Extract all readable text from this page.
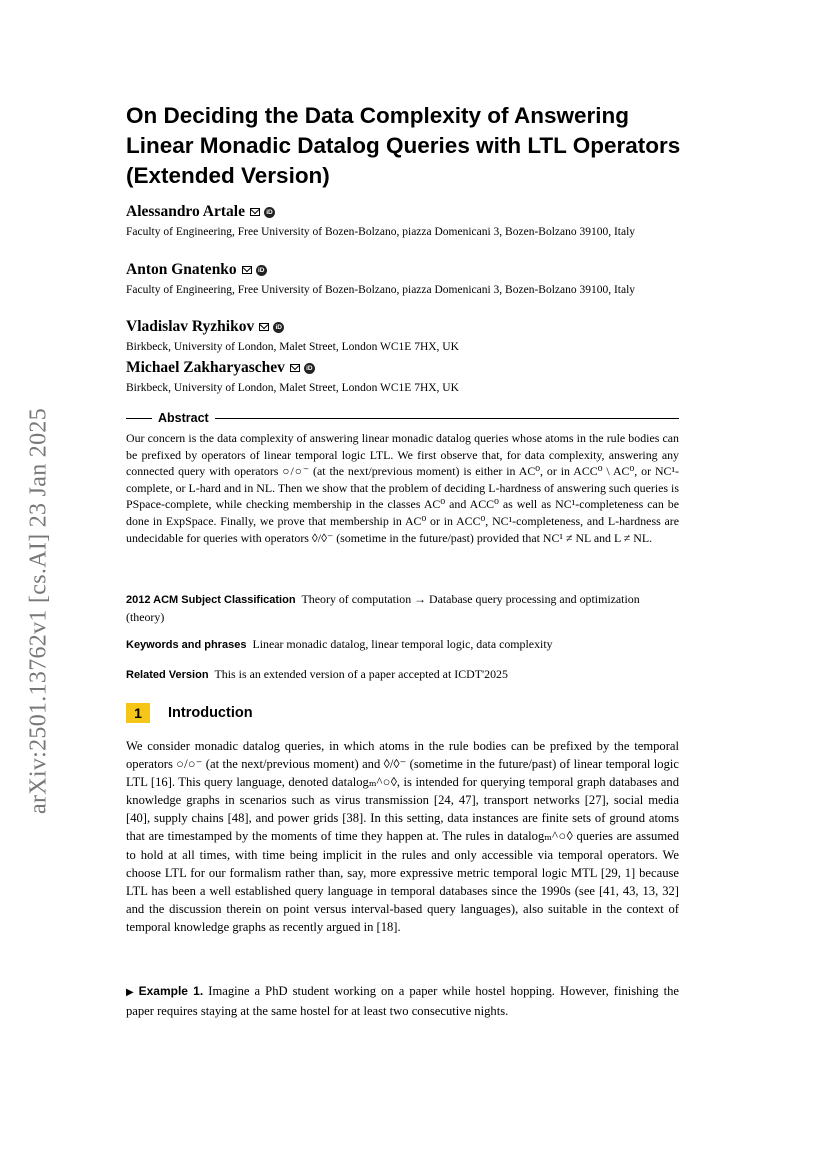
arXiv:2501.13762v1 [cs.AI] 23 Jan 2025
On Deciding the Data Complexity of Answering Linear Monadic Datalog Queries with LTL Operators (Extended Version)
Alessandro Artale	iD
Faculty of Engineering, Free University of Bozen-Bolzano, piazza Domenicani 3, Bozen-Bolzano 39100, Italy
Anton Gnatenko	iD
Faculty of Engineering, Free University of Bozen-Bolzano, piazza Domenicani 3, Bozen-Bolzano 39100, Italy
Vladislav Ryzhikov	iD
Birkbeck, University of London, Malet Street, London WC1E 7HX, UK
Michael Zakharyaschev	iD
Birkbeck, University of London, Malet Street, London WC1E 7HX, UK
Abstract

Our concern is the data complexity of answering linear monadic datalog queries whose atoms in the rule bodies can be prefixed by operators of linear temporal logic LTL. We first observe that, for data complexity, answering any connected query with operators ○/○⁻ (at the next/previous moment) is either in AC⁰, or in ACC⁰ \ AC⁰, or NC¹-complete, or L-hard and in NL. Then we show that the problem of deciding L-hardness of answering such queries is PSpace-complete, while checking membership in the classes AC⁰ and ACC⁰ as well as NC¹-completeness can be done in ExpSpace. Finally, we prove that membership in AC⁰ or in ACC⁰, NC¹-completeness, and L-hardness are undecidable for queries with operators ◊/◊⁻ (sometime in the future/past) provided that NC¹ ≠ NL and L ≠ NL.

2012 ACM Subject Classification Theory of computation → Database query processing and optimization (theory)

Keywords and phrases Linear monadic datalog, linear temporal logic, data complexity

Related Version This is an extended version of a paper accepted at ICDT'2025

1	Introduction

We consider monadic datalog queries, in which atoms in the rule bodies can be prefixed by the temporal operators ○/○⁻ (at the next/previous moment) and ◊/◊⁻ (sometime in the future/past) of linear temporal logic LTL [16]. This query language, denoted datalogₘ^○◊, is intended for querying temporal graph databases and knowledge graphs in scenarios such as virus transmission [24, 47], transport networks [27], social media [40], supply chains [48], and power grids [38]. In this setting, data instances are finite sets of ground atoms that are timestamped by the moments of time they happen at. The rules in datalogₘ^○◊ queries are assumed to hold at all times, with time being implicit in the rules and only accessible via temporal operators. We choose LTL for our formalism rather than, say, more expressive metric temporal logic MTL [29, 1] because LTL has been a well established query language in temporal databases since the 1990s (see [41, 43, 13, 32] and the discussion therein on point versus interval-based query languages), also suitable in the context of temporal knowledge graphs as recently argued in [18].

▶ Example 1. Imagine a PhD student working on a paper while hostel hopping. However, finishing the paper requires staying at the same hostel for at least two consecutive nights.
